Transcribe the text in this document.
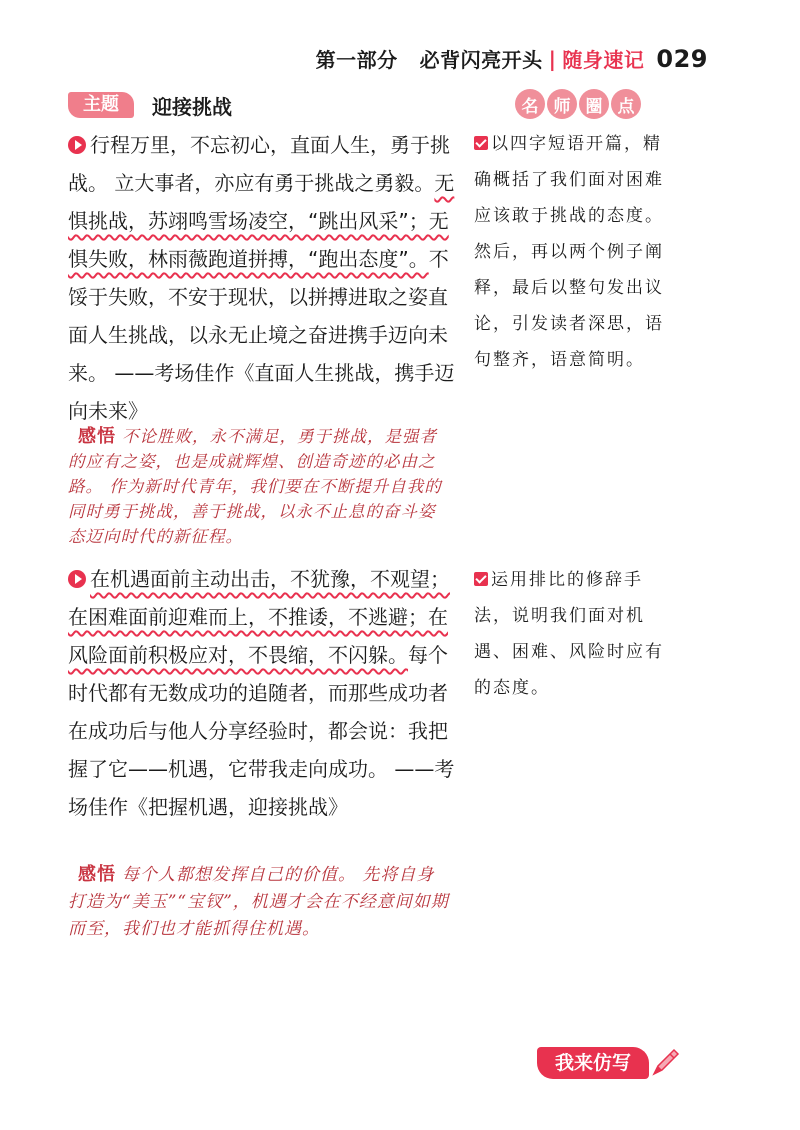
第一部分 必背闪亮开头 | 随身速记 029
主题	迎接挑战	名 师 圈 点

行程万里，不忘初心，直面人生，勇于挑战。 立大事者，亦应有勇于挑战之勇毅。无惧挑战，苏翊鸣雪场凌空，“跳出风采”；无惧失败，林雨薇跑道拼搏，“跑出态度”。不馁于失败，不安于现状，以拼搏进取之姿直面人生挑战，以永无止境之奋进携手迈向未来。 ——考场佳作《直面人生挑战，携手迈向未来》

感悟 不论胜败，永不满足，勇于挑战，是强者的应有之姿，也是成就辉煌、创造奇迹的必由之路。 作为新时代青年，我们要在不断提升自我的同时勇于挑战，善于挑战，以永不止息的奋斗姿态迈向时代的新征程。

以四字短语开篇，精确概括了我们面对困难应该敢于挑战的态度。然后，再以两个例子阐释，最后以整句发出议论，引发读者深思，语句整齐，语意简明。

在机遇面前主动出击，不犹豫，不观望；在困难面前迎难而上，不推诿，不逃避；在风险面前积极应对，不畏缩，不闪躲。每个时代都有无数成功的追随者，而那些成功者在成功后与他人分享经验时，都会说：我把握了它——机遇，它带我走向成功。 ——考场佳作《把握机遇，迎接挑战》

感悟 每个人都想发挥自己的价值。 先将自身打造为“美玉”“宝钗”，机遇才会在不经意间如期而至，我们也才能抓得住机遇。

运用排比的修辞手法，说明我们面对机遇、困难、风险时应有的态度。

我来仿写
